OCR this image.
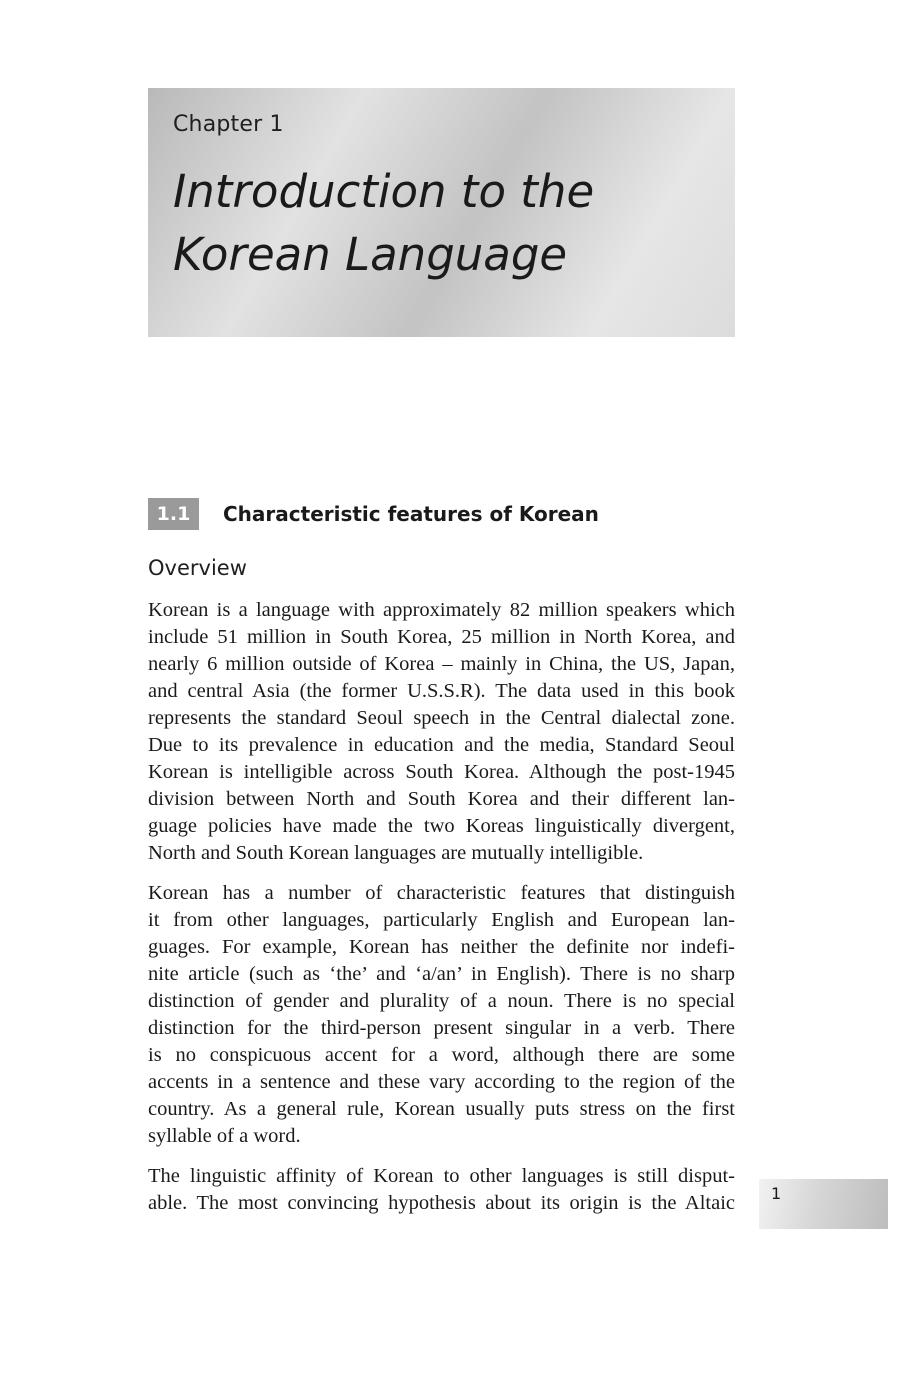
Chapter 1
Introduction to the
Korean Language
1.1	Characteristic features of Korean
Overview
Korean is a language with approximately 82 million speakers which
include 51 million in South Korea, 25 million in North Korea, and
nearly 6 million outside of Korea – mainly in China, the US, Japan,
and central Asia (the former U.S.S.R). The data used in this book
represents the standard Seoul speech in the Central dialectal zone.
Due to its prevalence in education and the media, Standard Seoul
Korean is intelligible across South Korea. Although the post-1945
division between North and South Korea and their different lan-
guage policies have made the two Koreas linguistically divergent,
North and South Korean languages are mutually intelligible.
Korean has a number of characteristic features that distinguish
it from other languages, particularly English and European lan-
guages. For example, Korean has neither the definite nor indefi-
nite article (such as ‘the’ and ‘a/an’ in English). There is no sharp
distinction of gender and plurality of a noun. There is no special
distinction for the third-person present singular in a verb. There
is no conspicuous accent for a word, although there are some
accents in a sentence and these vary according to the region of the
country. As a general rule, Korean usually puts stress on the first
syllable of a word.
The linguistic affinity of Korean to other languages is still disput-
able. The most convincing hypothesis about its origin is the Altaic 1
